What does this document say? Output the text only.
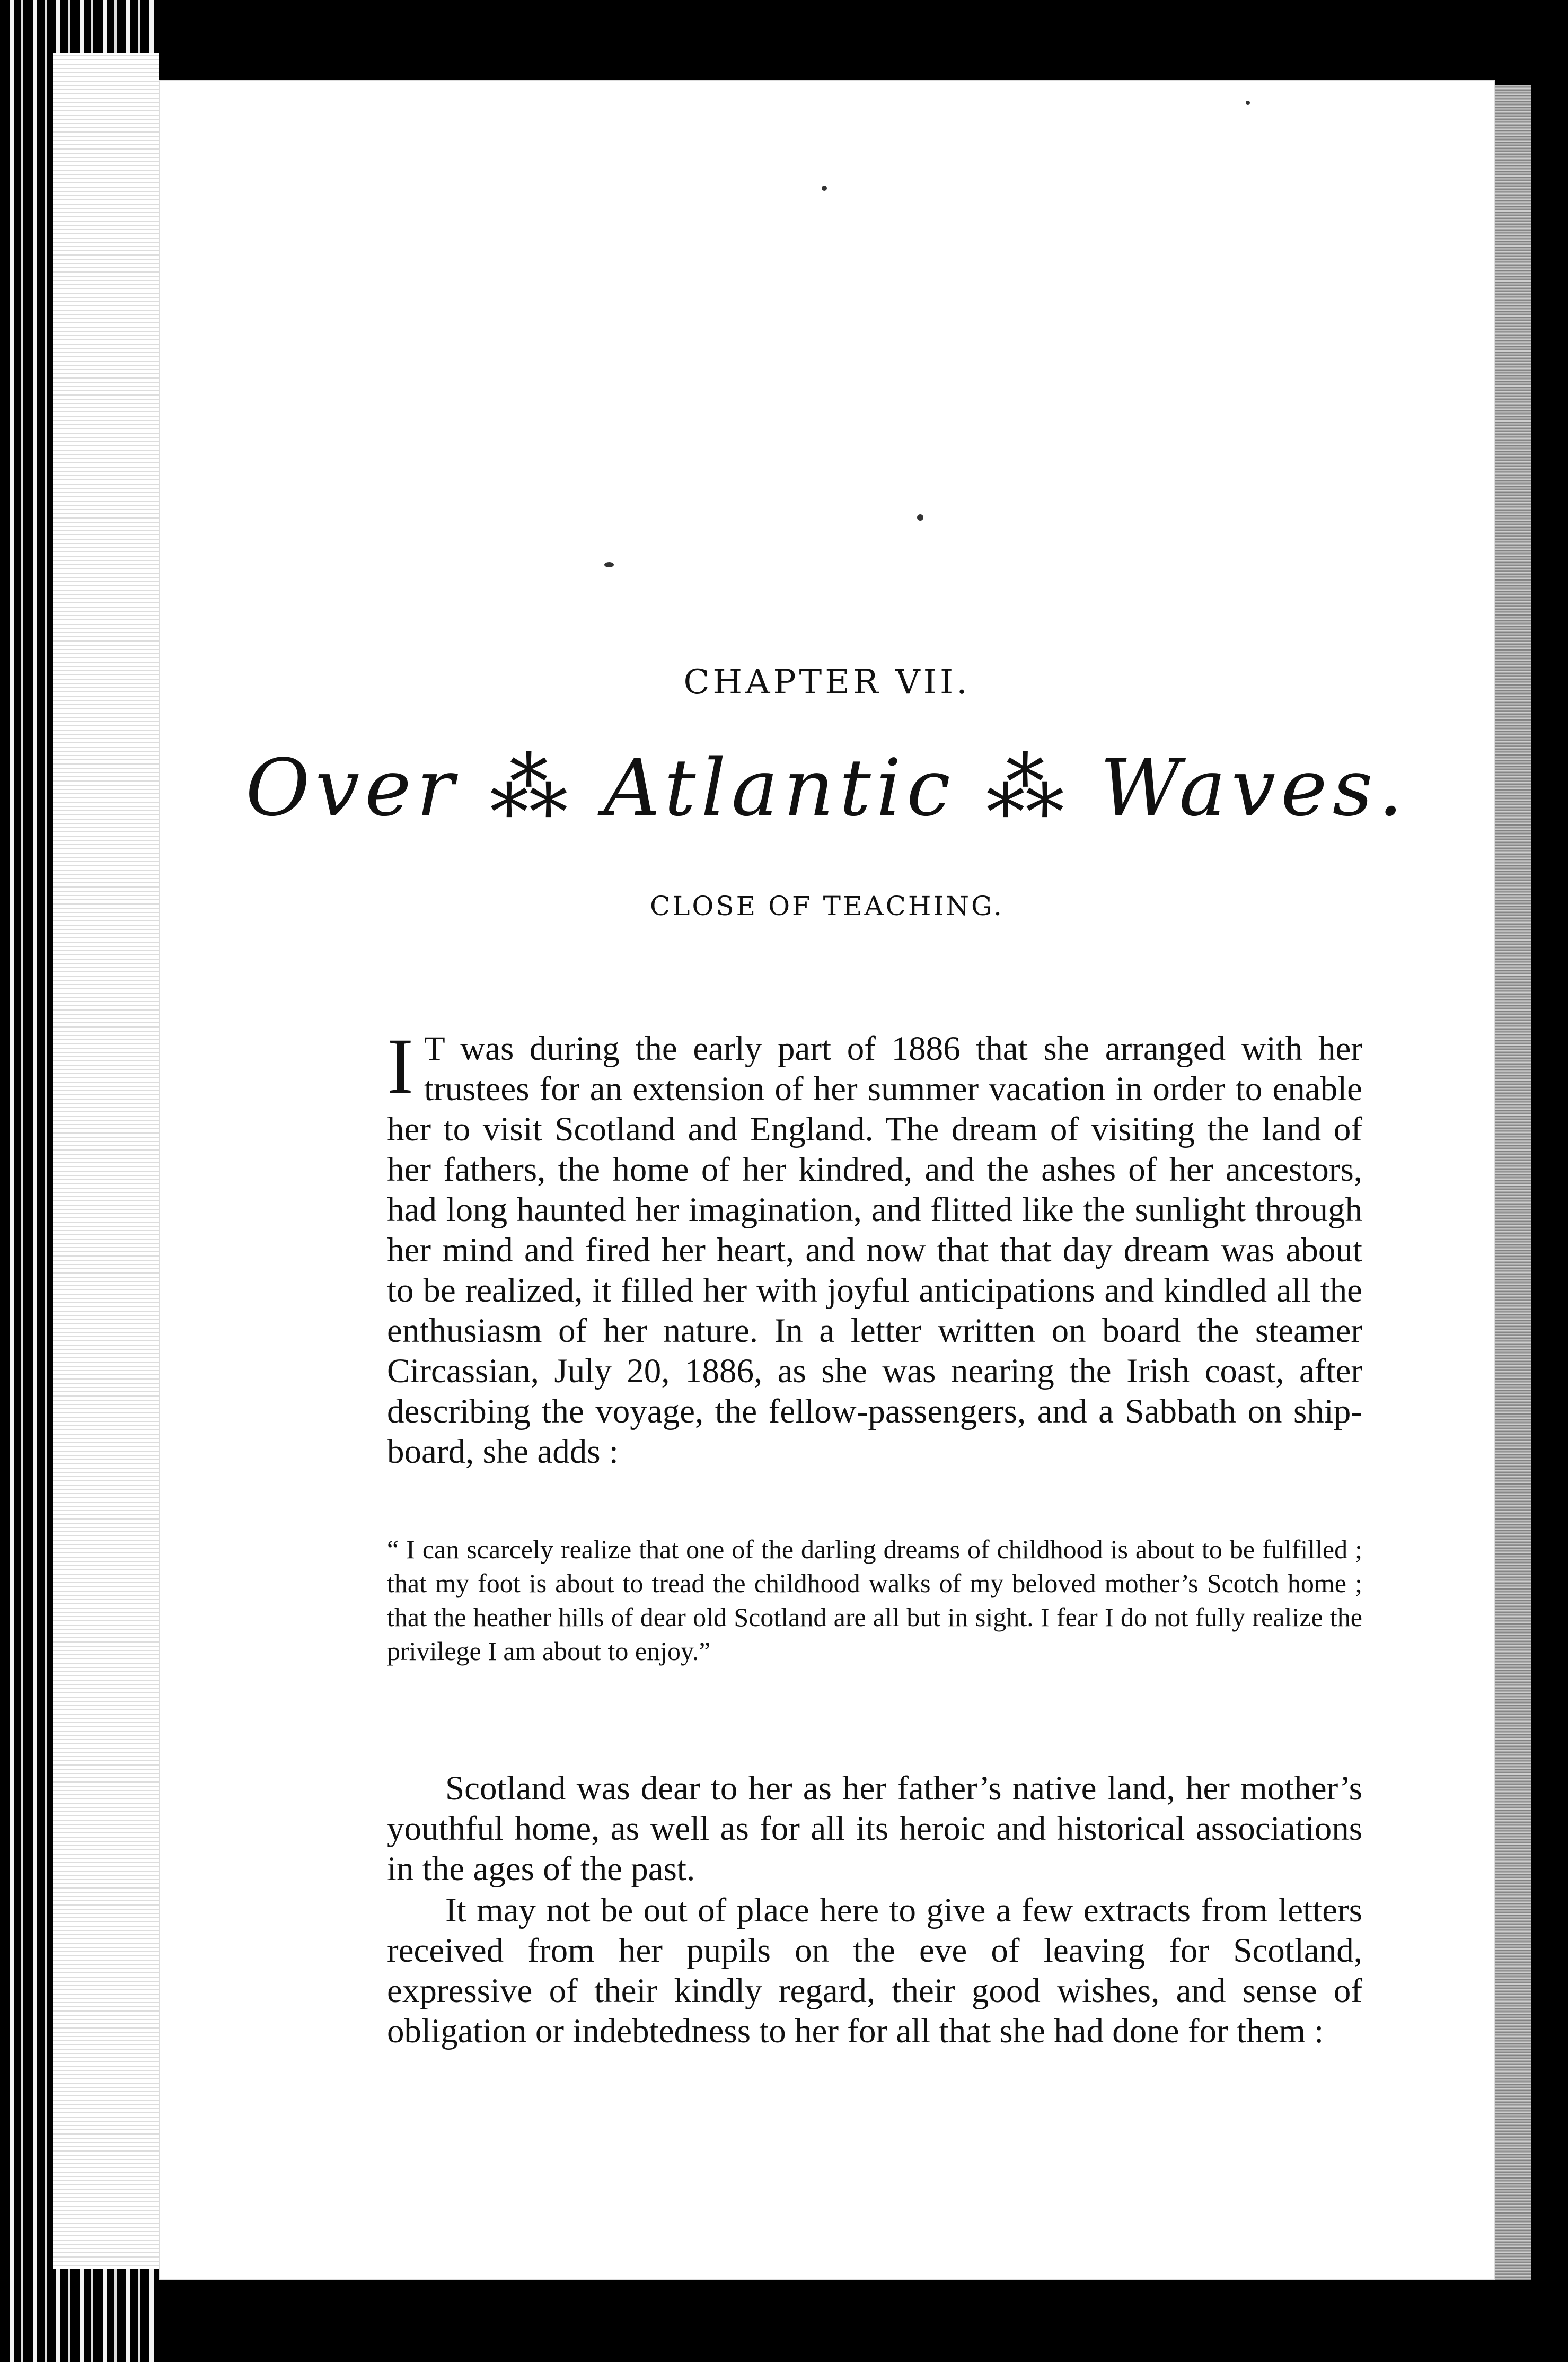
CHAPTER VII.
Over ⁂ Atlantic ⁂ Waves.
CLOSE OF TEACHING.
I T was during the early part of 1886 that she arranged with her trustees for an extension of her summer vacation in order to enable her to visit Scotland and England. The dream of visiting the land of her fathers, the home of her kindred, and the ashes of her ancestors, had long haunted her imagination, and flitted like the sunlight through her mind and fired her heart, and now that that day dream was about to be realized, it filled her with joyful anticipations and kindled all the enthusiasm of her nature. In a letter written on board the steamer Circassian, July 20, 1886, as she was nearing the Irish coast, after describing the voyage, the fellow-passengers, and a Sabbath on ship-board, she adds :

“ I can scarcely realize that one of the darling dreams of childhood is about to be fulfilled ; that my foot is about to tread the childhood walks of my beloved mother’s Scotch home ; that the heather hills of dear old Scotland are all but in sight. I fear I do not fully realize the privilege I am about to enjoy.”

Scotland was dear to her as her father’s native land, her mother’s youthful home, as well as for all its heroic and historical associations in the ages of the past.

It may not be out of place here to give a few extracts from letters received from her pupils on the eve of leaving for Scotland, expressive of their kindly regard, their good wishes, and sense of obligation or indebtedness to her for all that she had done for them :
